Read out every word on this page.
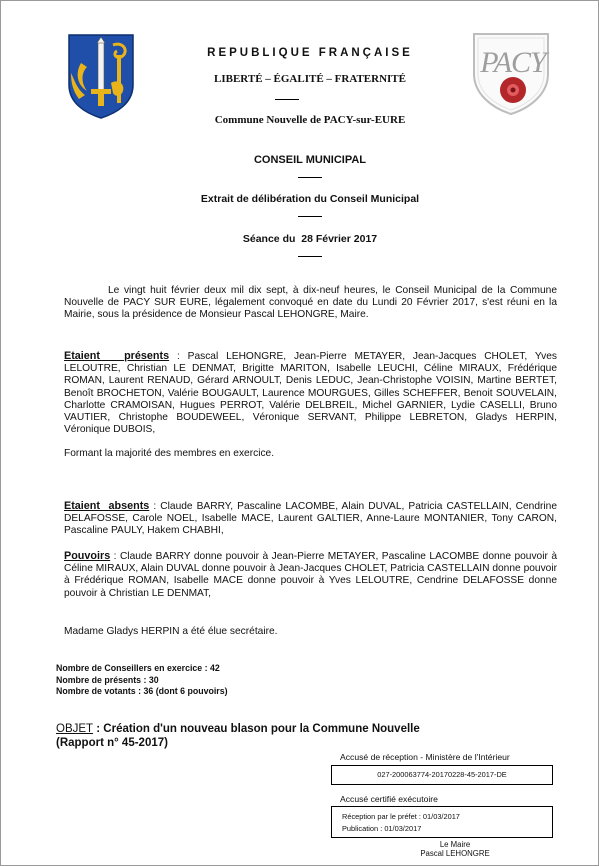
PACY
REPUBLIQUE FRANÇAISE
LIBERTÉ – ÉGALITÉ – FRATERNITÉ
Commune Nouvelle de PACY-sur-EURE
CONSEIL MUNICIPAL
Extrait de délibération du Conseil Municipal
Séance du  28 Février 2017
Le vingt huit février deux mil dix sept, à dix-neuf heures, le Conseil Municipal de la Commune Nouvelle de PACY SUR EURE, légalement convoqué en date du Lundi 20 Février 2017, s'est réuni en la Mairie, sous la présidence de Monsieur Pascal LEHONGRE, Maire.
Etaient   présents : Pascal LEHONGRE, Jean-Pierre METAYER, Jean-Jacques CHOLET, Yves LELOUTRE, Christian LE DENMAT, Brigitte MARITON, Isabelle LEUCHI, Céline MIRAUX, Frédérique ROMAN, Laurent RENAUD, Gérard ARNOULT, Denis LEDUC, Jean-Christophe VOISIN, Martine BERTET, Benoît BROCHETON, Valérie BOUGAULT, Laurence MOURGUES, Gilles SCHEFFER, Benoit SOUVELAIN, Charlotte CRAMOISAN, Hugues PERROT, Valérie DELBREIL, Michel GARNIER, Lydie CASELLI, Bruno VAUTIER, Christophe BOUDEWEEL, Véronique SERVANT, Philippe LEBRETON, Gladys HERPIN, Véronique DUBOIS,
Formant la majorité des membres en exercice.
Etaient  absents : Claude BARRY, Pascaline LACOMBE, Alain DUVAL, Patricia CASTELLAIN, Cendrine DELAFOSSE, Carole NOEL, Isabelle MACE, Laurent GALTIER, Anne-Laure MONTANIER, Tony CARON, Pascaline PAULY, Hakem CHABHI,
Pouvoirs : Claude BARRY donne pouvoir à Jean-Pierre METAYER, Pascaline LACOMBE donne pouvoir à Céline MIRAUX, Alain DUVAL donne pouvoir à Jean-Jacques CHOLET, Patricia CASTELLAIN donne pouvoir à Frédérique ROMAN, Isabelle MACE donne pouvoir à Yves LELOUTRE, Cendrine DELAFOSSE donne pouvoir à Christian LE DENMAT,
Madame Gladys HERPIN a été élue secrétaire.
Nombre de Conseillers en exercice : 42
Nombre de présents : 30
Nombre de votants : 36 (dont 6 pouvoirs)
OBJET : Création d'un nouveau blason pour la Commune Nouvelle
(Rapport n° 45-2017)
Accusé de réception - Ministère de l'Intérieur
027-200063774-20170228-45-2017-DE
Accusé certifié exécutoire
Réception par le préfet : 01/03/2017
Publication : 01/03/2017
Le Maire
Pascal LEHONGRE
